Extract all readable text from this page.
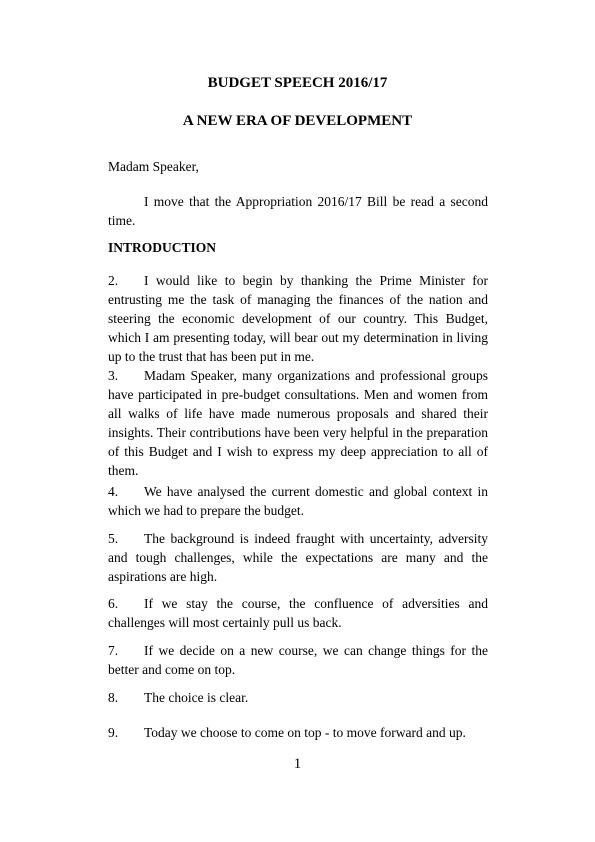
BUDGET SPEECH 2016/17
A NEW ERA OF DEVELOPMENT

Madam Speaker,

I move that the Appropriation 2016/17 Bill be read a second time.

INTRODUCTION

2. I would like to begin by thanking the Prime Minister for entrusting me the task of managing the finances of the nation and steering the economic development of our country. This Budget, which I am presenting today, will bear out my determination in living up to the trust that has been put in me.

3. Madam Speaker, many organizations and professional groups have participated in pre-budget consultations. Men and women from all walks of life have made numerous proposals and shared their insights. Their contributions have been very helpful in the preparation of this Budget and I wish to express my deep appreciation to all of them.

4. We have analysed the current domestic and global context in which we had to prepare the budget.

5. The background is indeed fraught with uncertainty, adversity and tough challenges, while the expectations are many and the aspirations are high.

6. If we stay the course, the confluence of adversities and challenges will most certainly pull us back.

7. If we decide on a new course, we can change things for the better and come on top.

8. The choice is clear.

9. Today we choose to come on top - to move forward and up.

1
